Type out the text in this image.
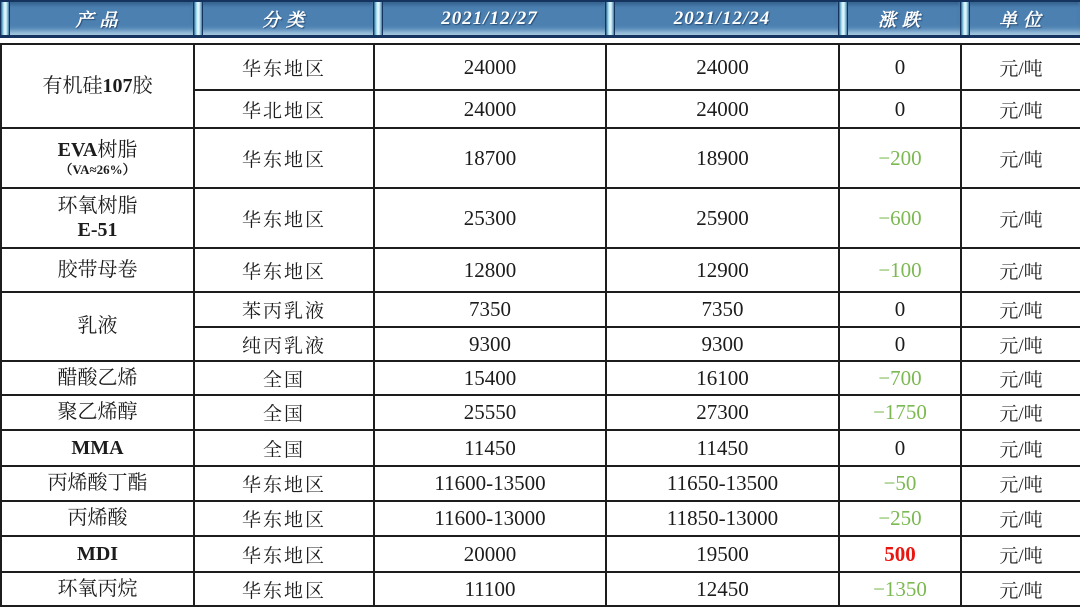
产品	分类	2021/12/27	2021/12/24	涨跌	单位
有机硅107胶	华东地区	24000	24000	0	元/吨
	华北地区	24000	24000	0	元/吨

EVA树脂
（VA≈26%）	华东地区	18700	18900	−200	元/吨

环氧树脂
E-51	华东地区	25300	25900	−600	元/吨

胶带母卷	华东地区	12800	12900	−100	元/吨

乳液	苯丙乳液	7350	7350	0	元/吨
	纯丙乳液	9300	9300	0	元/吨

醋酸乙烯	全国	15400	16100	−700	元/吨

聚乙烯醇	全国	25550	27300	−1750	元/吨

MMA	全国	11450	11450	0	元/吨

丙烯酸丁酯	华东地区	11600-13500	11650-13500	−50	元/吨

丙烯酸	华东地区	11600-13000	11850-13000	−250	元/吨

MDI	华东地区	20000	19500	500	元/吨

环氧丙烷	华东地区	11100	12450	−1350	元/吨
